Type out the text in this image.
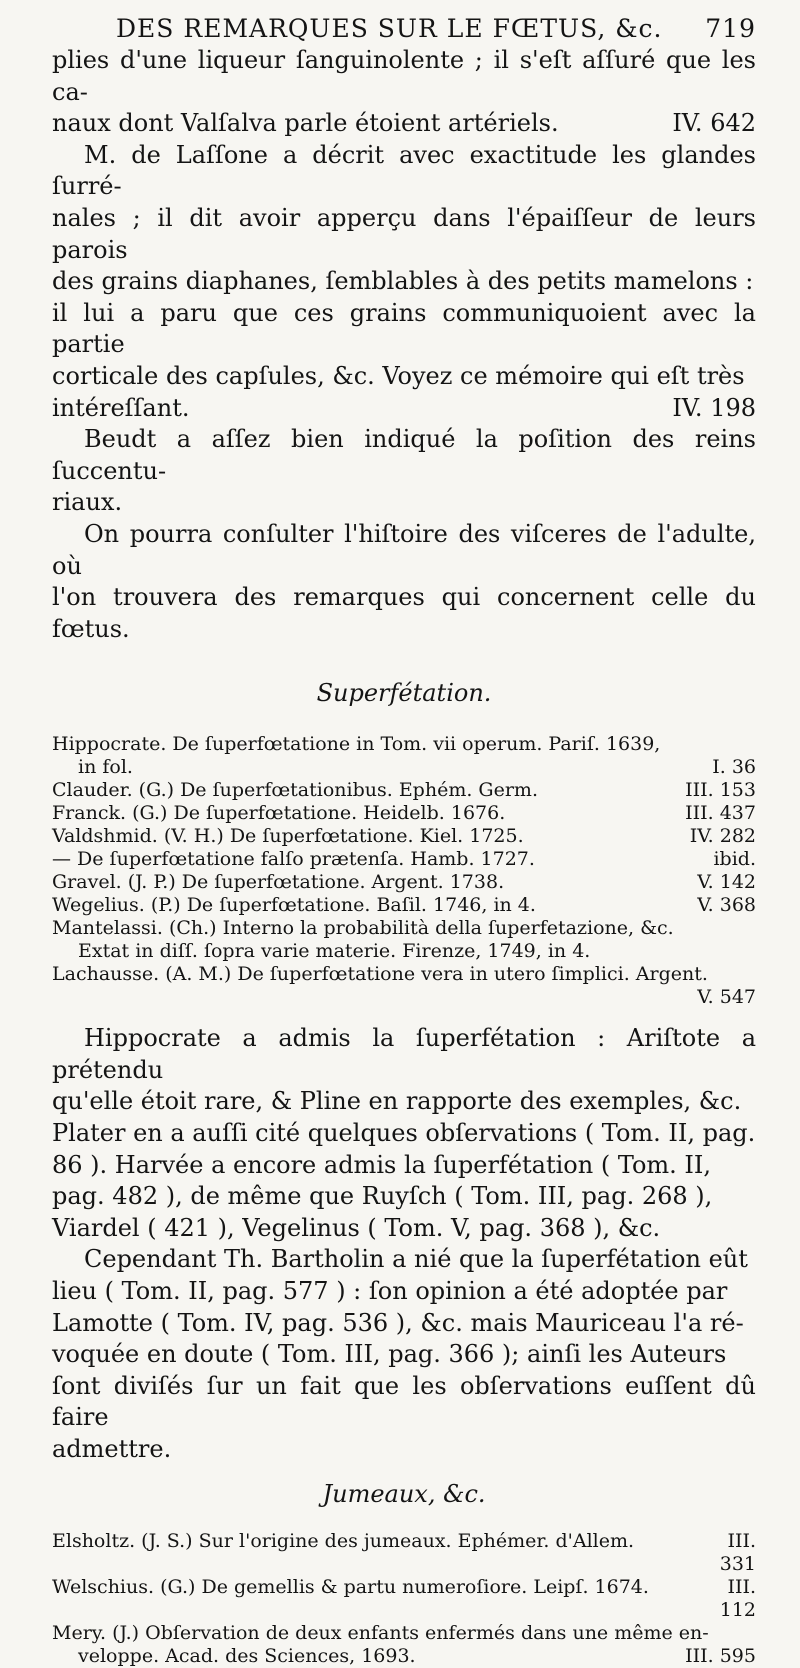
DES REMARQUES SUR LE FŒTUS, &c. 719

plies d'une liqueur ſanguinolente ; il s'eſt aſſuré que les ca-

naux dont Valſalva parle étoient artériels.	IV. 642

M. de Laſſone a décrit avec exactitude les glandes ſurré-

nales ; il dit avoir apperçu dans l'épaiſſeur de leurs parois

des grains diaphanes, ſemblables à des petits mamelons :

il lui a paru que ces grains communiquoient avec la partie

corticale des capſules, &c. Voyez ce mémoire qui eſt très

intéreſſant.	IV. 198

Beudt a aſſez bien indiqué la poſition des reins ſuccentu-

riaux.

On pourra conſulter l'hiſtoire des viſceres de l'adulte, où

l'on trouvera des remarques qui concernent celle du fœtus.

Superfétation.
Hippocrate. De ſuperfœtatione in Tom. vii operum. Pariſ. 1639,
in fol.	I. 36
Clauder. (G.) De ſuperfœtationibus. Ephém. Germ.	III. 153
Franck. (G.) De ſuperfœtatione. Heidelb. 1676.	III. 437
Valdshmid. (V. H.) De ſuperfœtatione. Kiel. 1725.	IV. 282
— De ſuperfœtatione falſo prætenſa. Hamb. 1727.	ibid.
Gravel. (J. P.) De ſuperfœtatione. Argent. 1738.	V. 142
Wegelius. (P.) De ſuperfœtatione. Baſil. 1746, in 4.	V. 368
Mantelassi. (Ch.) Interno la probabilità della ſuperfetazione, &c.
Extat in diſſ. ſopra varie materie. Firenze, 1749, in 4.
Lachausse. (A. M.) De ſuperfœtatione vera in utero ſimplici. Argent.
V. 547

Hippocrate a admis la ſuperfétation : Ariſtote a prétendu

qu'elle étoit rare, & Pline en rapporte des exemples, &c.

Plater en a auſſi cité quelques obſervations ( Tom. II, pag.

86 ). Harvée a encore admis la ſuperfétation ( Tom. II,

pag. 482 ), de même que Ruyſch ( Tom. III, pag. 268 ),

Viardel ( 421 ), Vegelinus ( Tom. V, pag. 368 ), &c.

Cependant Th. Bartholin a nié que la ſuperfétation eût

lieu ( Tom. II, pag. 577 ) : ſon opinion a été adoptée par

Lamotte ( Tom. IV, pag. 536 ), &c. mais Mauriceau l'a ré-

voquée en doute ( Tom. III, pag. 366 ); ainſi les Auteurs

ſont diviſés ſur un fait que les obſervations euſſent dû faire

admettre.

Jumeaux, &c.
Elsholtz. (J. S.) Sur l'origine des jumeaux. Ephémer. d'Allem.	III.
331
Welschius. (G.) De gemellis & partu numeroſiore. Leipſ. 1674.	III.
112
Mery. (J.) Obſervation de deux enfants enfermés dans une même en-
veloppe. Acad. des Sciences, 1693.	III. 595
